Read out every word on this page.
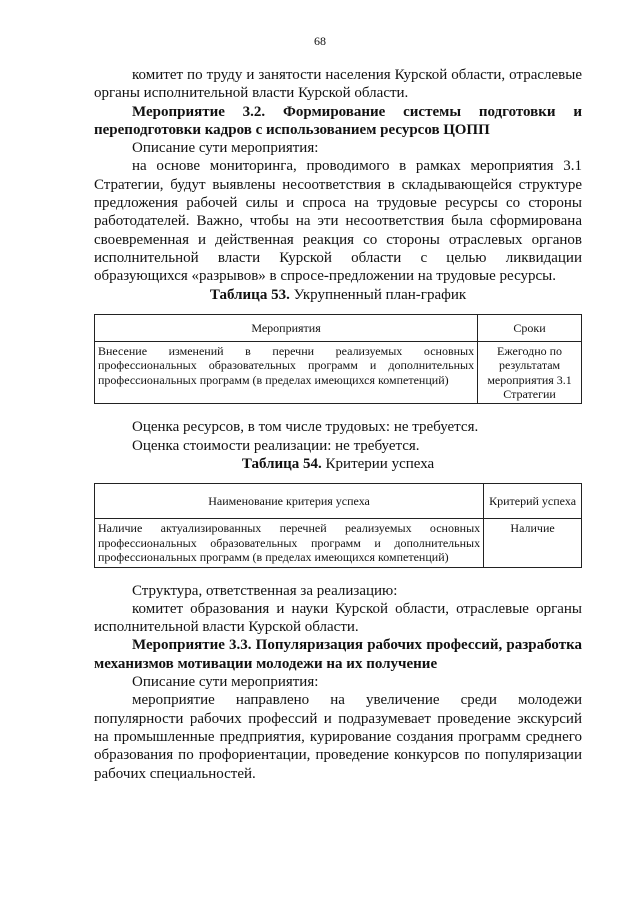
68

комитет по труду и занятости населения Курской области, отраслевые органы исполнительной власти Курской области.

Мероприятие 3.2. Формирование системы подготовки и переподготовки кадров с использованием ресурсов ЦОПП

Описание сути мероприятия:

на основе мониторинга, проводимого в рамках мероприятия 3.1 Стратегии, будут выявлены несоответствия в складывающейся структуре предложения рабочей силы и спроса на трудовые ресурсы со стороны работодателей. Важно, чтобы на эти несоответствия была сформирована своевременная и действенная реакция со стороны отраслевых органов исполнительной власти Курской области с целью ликвидации образующихся «разрывов» в спросе-предложении на трудовые ресурсы.

Таблица 53. Укрупненный план-график

Мероприятия	Сроки
Внесение изменений в перечни реализуемых основных профессиональных образовательных программ и дополнительных профессиональных программ (в пределах имеющихся компетенций)	Ежегодно по результатам мероприятия 3.1 Стратегии

Оценка ресурсов, в том числе трудовых: не требуется.

Оценка стоимости реализации: не требуется.

Таблица 54. Критерии успеха

Наименование критерия успеха	Критерий успеха
Наличие актуализированных перечней реализуемых основных профессиональных образовательных программ и дополнительных профессиональных программ (в пределах имеющихся компетенций)	Наличие

Структура, ответственная за реализацию:

комитет образования и науки Курской области, отраслевые органы исполнительной власти Курской области.

Мероприятие 3.3. Популяризация рабочих профессий, разработка механизмов мотивации молодежи на их получение

Описание сути мероприятия:

мероприятие направлено на увеличение среди молодежи популярности рабочих профессий и подразумевает проведение экскурсий на промышленные предприятия, курирование создания программ среднего образования по профориентации, проведение конкурсов по популяризации рабочих специальностей.
